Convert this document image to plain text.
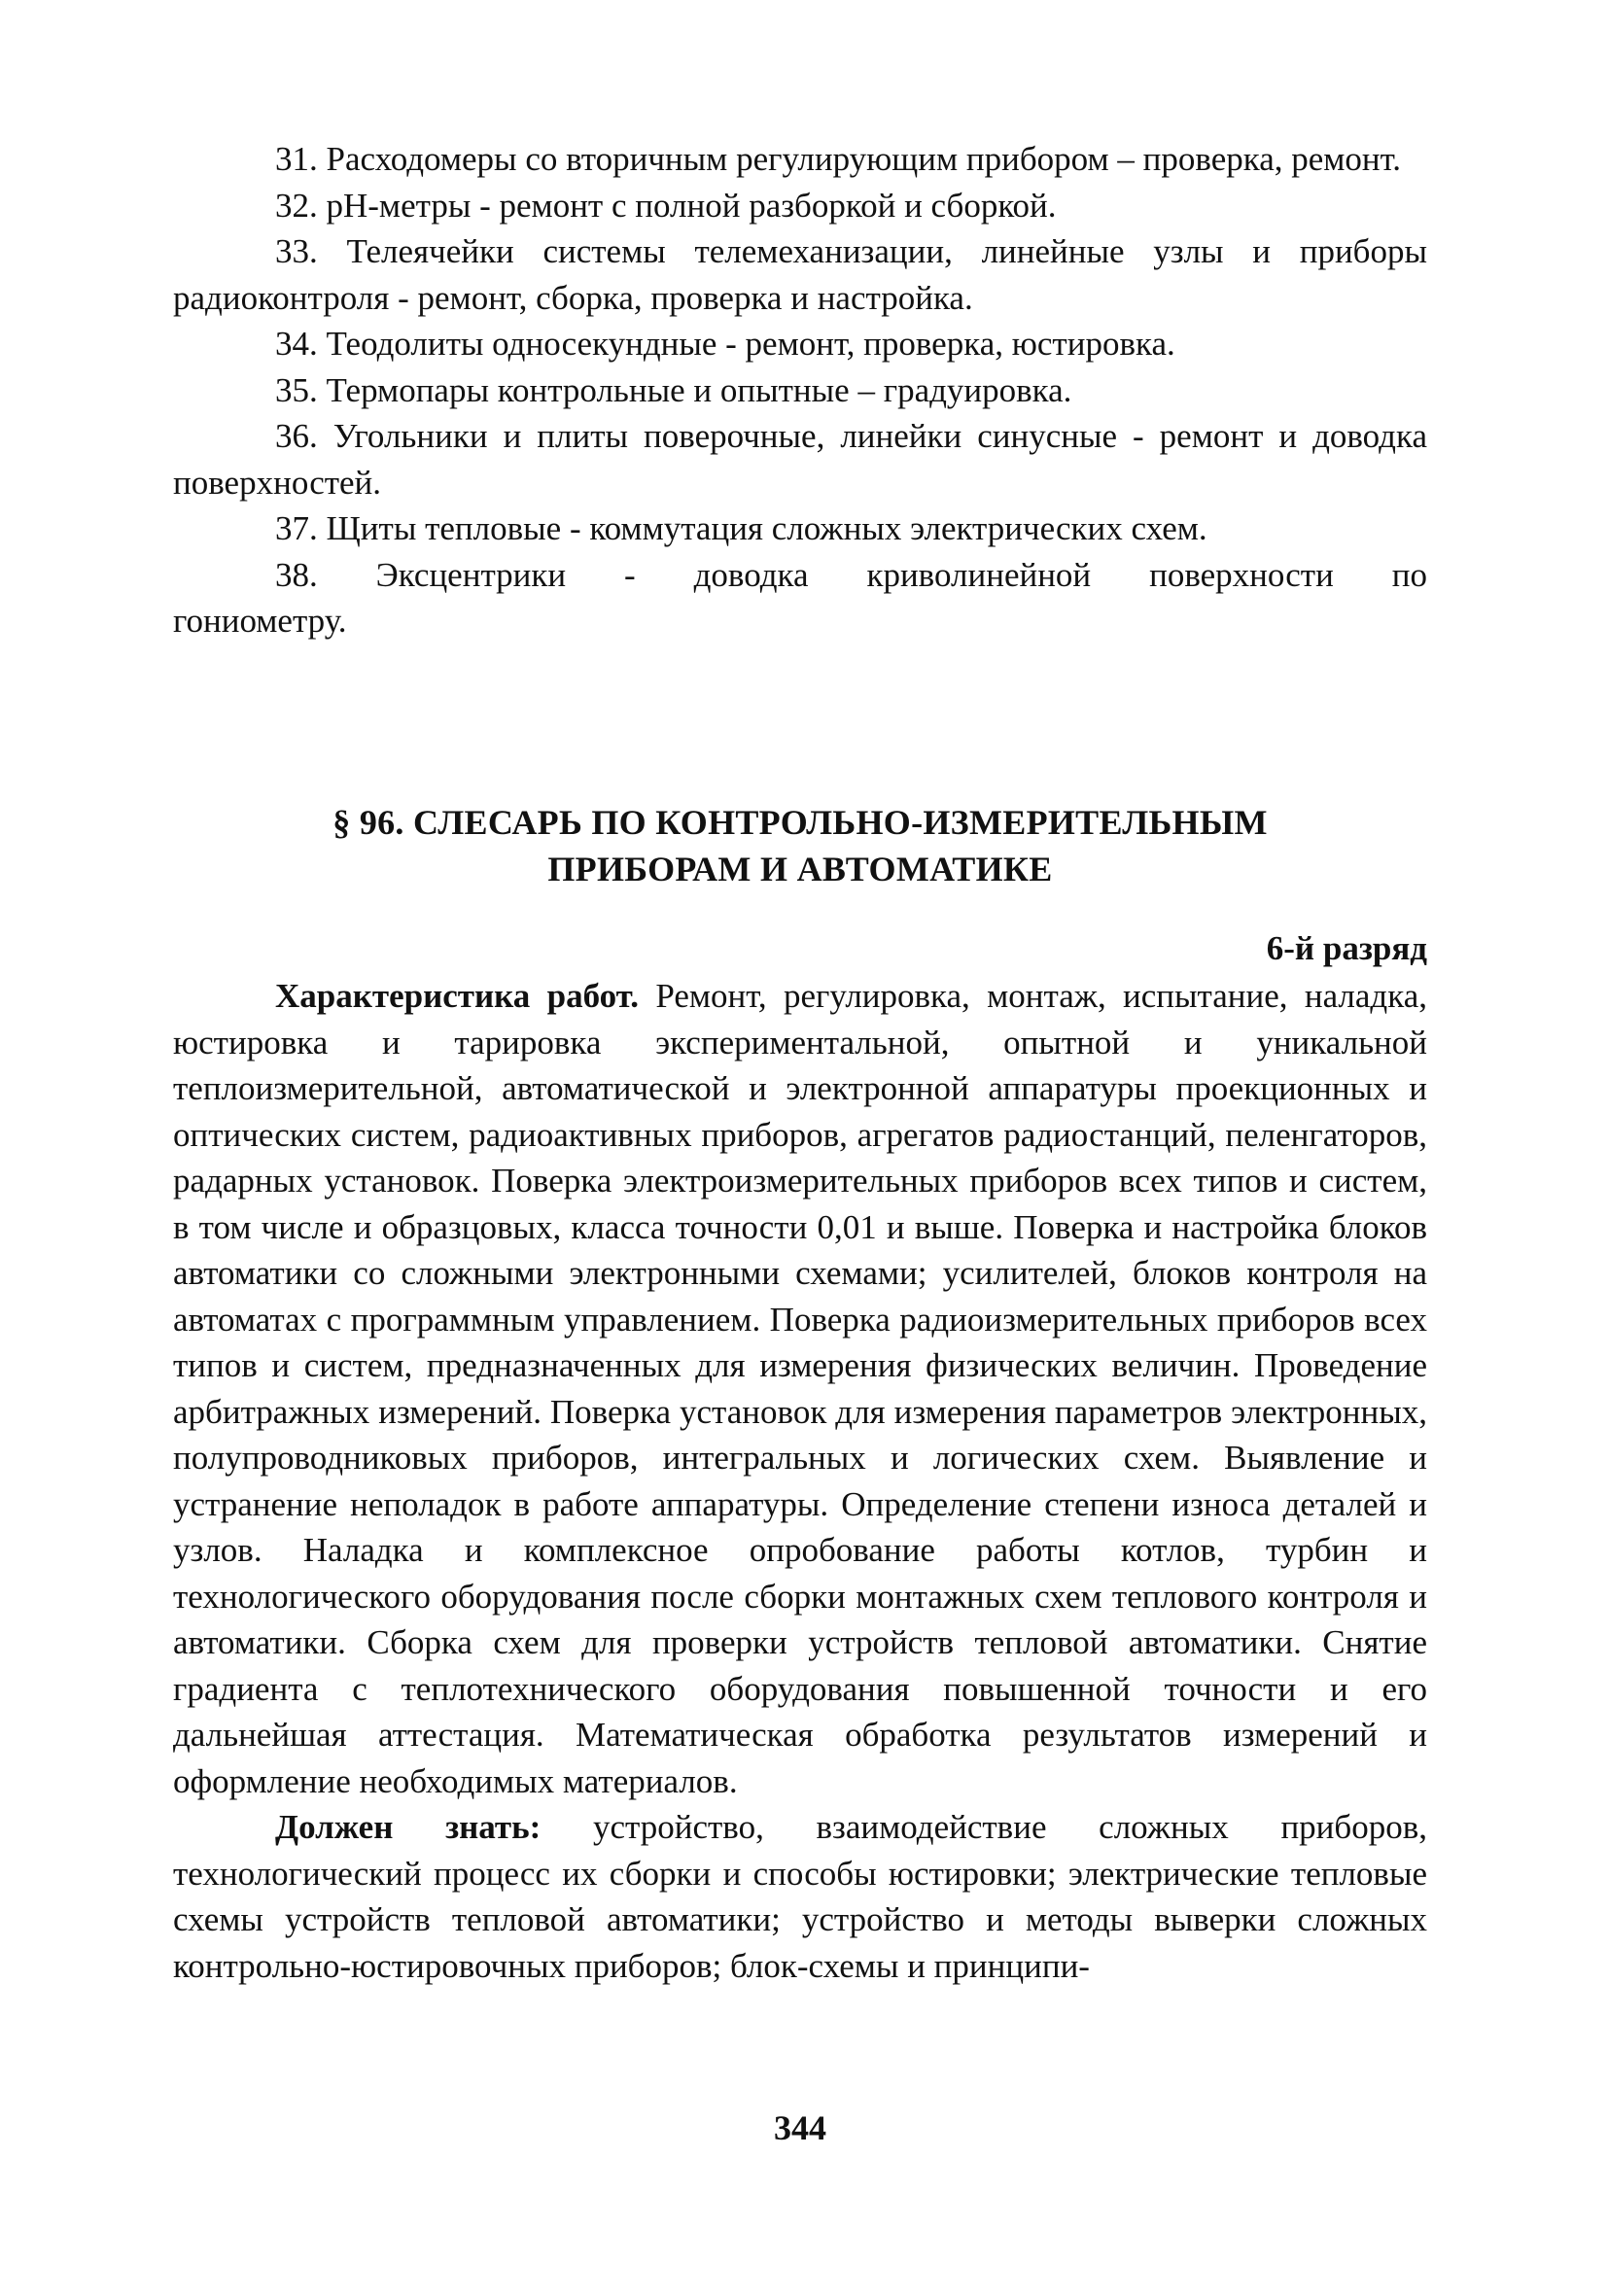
31. Расходомеры со вторичным регулирующим прибором – проверка, ремонт.

32. pH-метры - ремонт с полной разборкой и сборкой.

33. Телеячейки системы телемеханизации, линейные узлы и приборы радиоконтроля - ремонт, сборка, проверка и настройка.

34. Теодолиты односекундные - ремонт, проверка, юстировка.

35. Термопары контрольные и опытные – градуировка.

36. Угольники и плиты поверочные, линейки синусные - ремонт и доводка поверхностей.

37. Щиты тепловые - коммутация сложных электрических схем.

38. Эксцентрики - доводка криволинейной поверхности по гониометру.

§ 96. СЛЕСАРЬ ПО КОНТРОЛЬНО-ИЗМЕРИТЕЛЬНЫМ
ПРИБОРАМ И АВТОМАТИКЕ
6-й разряд

Характеристика работ. Ремонт, регулировка, монтаж, испытание, наладка, юстировка и тарировка экспериментальной, опытной и уникальной теплоизмерительной, автоматической и электронной аппаратуры проекционных и оптических систем, радиоактивных приборов, агрегатов радиостанций, пеленгаторов, радарных установок. Поверка электроизмерительных приборов всех типов и систем, в том числе и образцовых, класса точности 0,01 и выше. Поверка и настройка блоков автоматики со сложными электронными схемами; усилителей, блоков контроля на автоматах с программным управлением. Поверка радиоизмерительных приборов всех типов и систем, предназначенных для измерения физических величин. Проведение арбитражных измерений. Поверка установок для измерения параметров электронных, полупроводниковых приборов, интегральных и логических схем. Выявление и устранение неполадок в работе аппаратуры. Определение степени износа деталей и узлов. Наладка и комплексное опробование работы котлов, турбин и технологического оборудования после сборки монтажных схем теплового контроля и автоматики. Сборка схем для проверки устройств тепловой автоматики. Снятие градиента с теплотехнического оборудования повышенной точности и его дальнейшая аттестация. Математическая обработка результатов измерений и оформление необходимых материалов.

Должен знать: устройство, взаимодействие сложных приборов, технологический процесс их сборки и способы юстировки; электрические тепловые схемы устройств тепловой автоматики; устройство и методы выверки сложных контрольно-юстировочных приборов; блок-схемы и принципи-

344
